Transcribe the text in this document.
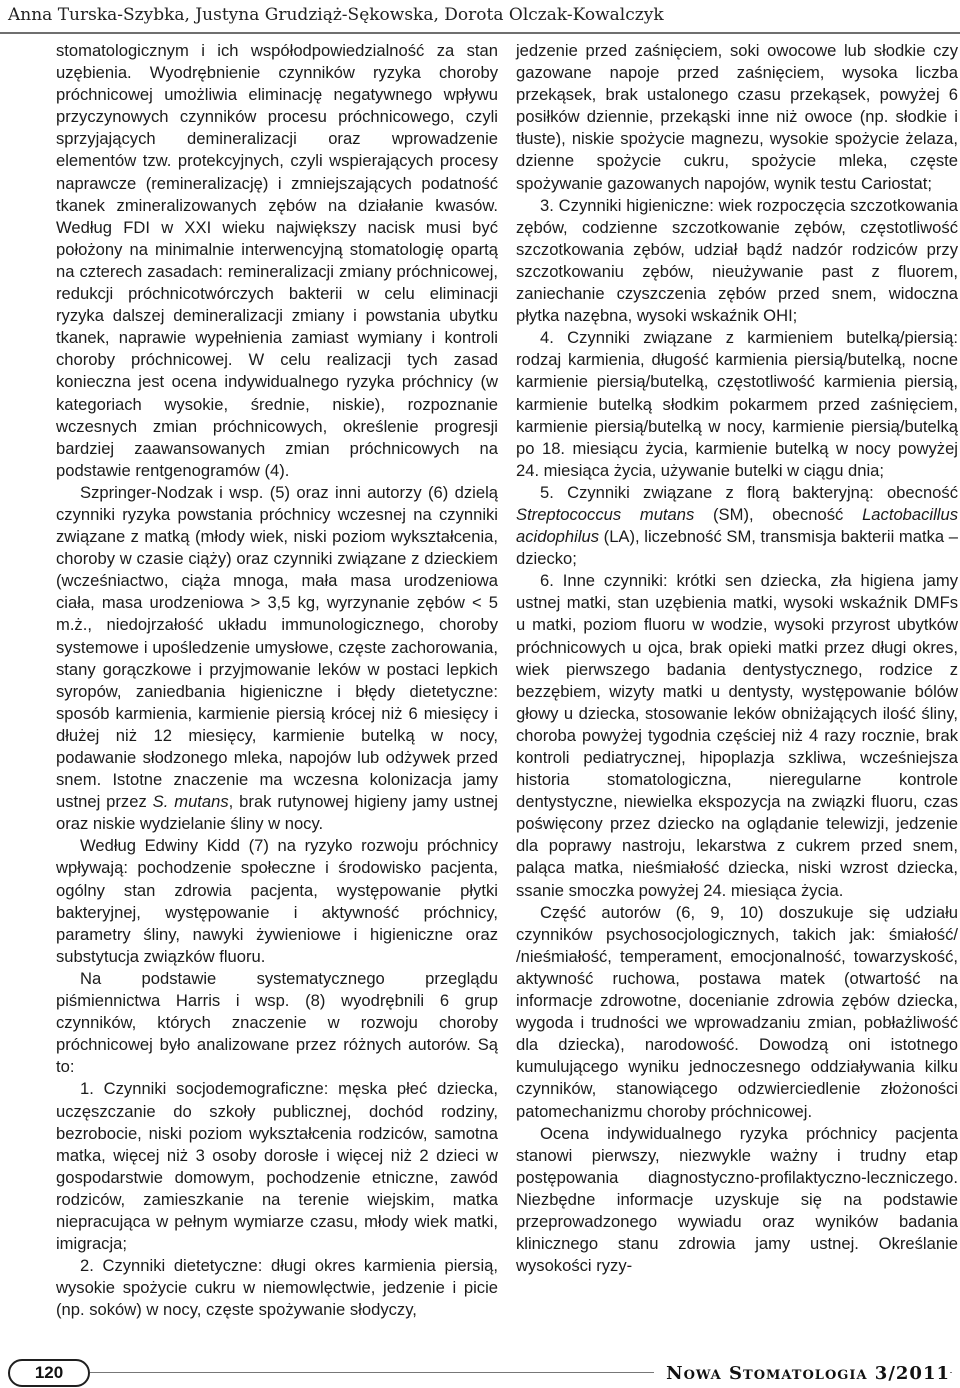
Anna Turska-Szybka, Justyna Grudziąż-Sękowska, Dorota Olczak-Kowalczyk

stomatologicznym i ich współodpowiedzialność za stan uzębienia. Wyodrębnienie czynników ryzyka choroby próchnicowej umożliwia eliminację negatywnego wpływu przyczynowych czynników procesu próchnicowego, czyli sprzyjających demineralizacji oraz wprowadzenie elementów tzw. protekcyjnych, czyli wspierających procesy naprawcze (remineralizację) i zmniejszających podatność tkanek zmineralizowanych zębów na działanie kwasów. Według FDI w XXI wieku największy nacisk musi być położony na minimalnie interwencyjną stomatologię opartą na czterech zasadach: remineralizacji zmiany próchnicowej, redukcji próchnicotwórczych bakterii w celu eliminacji ryzyka dalszej demineralizacji zmiany i powstania ubytku tkanek, naprawie wypełnienia zamiast wymiany i kontroli choroby próchnicowej. W celu realizacji tych zasad konieczna jest ocena indywidualnego ryzyka próchnicy (w kategoriach wysokie, średnie, niskie), rozpoznanie wczesnych zmian próchnicowych, określenie progresji bardziej zaawansowanych zmian próchnicowych na podstawie rentgenogramów (4).

Szpringer-Nodzak i wsp. (5) oraz inni autorzy (6) dzielą czynniki ryzyka powstania próchnicy wczesnej na czynniki związane z matką (młody wiek, niski poziom wykształcenia, choroby w czasie ciąży) oraz czynniki związane z dzieckiem (wcześniactwo, ciąża mnoga, mała masa urodzeniowa ciała, masa urodzeniowa > 3,5 kg, wyrzynanie zębów < 5 m.ż., niedojrzałość układu immunologicznego, choroby systemowe i upośledzenie umysłowe, częste zachorowania, stany gorączkowe i przyjmowanie leków w postaci lepkich syropów, zaniedbania higieniczne i błędy dietetyczne: sposób karmienia, karmienie piersią krócej niż 6 miesięcy i dłużej niż 12 miesięcy, karmienie butelką w nocy, podawanie słodzonego mleka, napojów lub odżywek przed snem. Istotne znaczenie ma wczesna kolonizacja jamy ustnej przez S. mutans, brak rutynowej higieny jamy ustnej oraz niskie wydzielanie śliny w nocy.

Według Edwiny Kidd (7) na ryzyko rozwoju próchnicy wpływają: pochodzenie społeczne i środowisko pacjenta, ogólny stan zdrowia pacjenta, występowanie płytki bakteryjnej, występowanie i aktywność próchnicy, parametry śliny, nawyki żywieniowe i higieniczne oraz substytucja związków fluoru.

Na podstawie systematycznego przeglądu piśmiennictwa Harris i wsp. (8) wyodrębnili 6 grup czynników, których znaczenie w rozwoju choroby próchnicowej było analizowane przez różnych autorów. Są to:

1. Czynniki socjodemograficzne: męska płeć dziecka, uczęszczanie do szkoły publicznej, dochód rodziny, bezrobocie, niski poziom wykształcenia rodziców, samotna matka, więcej niż 3 osoby dorosłe i więcej niż 2 dzieci w gospodarstwie domowym, pochodzenie etniczne, zawód rodziców, zamieszkanie na terenie wiejskim, matka niepracująca w pełnym wymiarze czasu, młody wiek matki, imigracja;

2. Czynniki dietetyczne: długi okres karmienia piersią, wysokie spożycie cukru w niemowlęctwie, jedzenie i picie (np. soków) w nocy, częste spożywanie słodyczy,

jedzenie przed zaśnięciem, soki owocowe lub słodkie czy gazowane napoje przed zaśnięciem, wysoka liczba przekąsek, brak ustalonego czasu przekąsek, powyżej 6 posiłków dziennie, przekąski inne niż owoce (np. słodkie i tłuste), niskie spożycie magnezu, wysokie spożycie żelaza, dzienne spożycie cukru, spożycie mleka, częste spożywanie gazowanych napojów, wynik testu Cariostat;

3. Czynniki higieniczne: wiek rozpoczęcia szczotkowania zębów, codzienne szczotkowanie zębów, częstotliwość szczotkowania zębów, udział bądź nadzór rodziców przy szczotkowaniu zębów, nieużywanie past z fluorem, zaniechanie czyszczenia zębów przed snem, widoczna płytka nazębna, wysoki wskaźnik OHI;

4. Czynniki związane z karmieniem butelką/piersią: rodzaj karmienia, długość karmienia piersią/butelką, nocne karmienie piersią/butelką, częstotliwość karmienia piersią, karmienie butelką słodkim pokarmem przed zaśnięciem, karmienie piersią/butelką w nocy, karmienie piersią/butelką po 18. miesiącu życia, karmienie butelką w nocy powyżej 24. miesiąca życia, używanie butelki w ciągu dnia;

5. Czynniki związane z florą bakteryjną: obecność Streptococcus mutans (SM), obecność Lactobacillus acidophilus (LA), liczebność SM, transmisja bakterii matka – dziecko;

6. Inne czynniki: krótki sen dziecka, zła higiena jamy ustnej matki, stan uzębienia matki, wysoki wskaźnik DMFs u matki, poziom fluoru w wodzie, wysoki przyrost ubytków próchnicowych u ojca, brak opieki matki przez długi okres, wiek pierwszego badania dentystycznego, rodzice z bezzębiem, wizyty matki u dentysty, występowanie bólów głowy u dziecka, stosowanie leków obniżających ilość śliny, choroba powyżej tygodnia częściej niż 4 razy rocznie, brak kontroli pediatrycznej, hipoplazja szkliwa, wcześniejsza historia stomatologiczna, nieregularne kontrole dentystyczne, niewielka ekspozycja na związki fluoru, czas poświęcony przez dziecko na oglądanie telewizji, jedzenie dla poprawy nastroju, lekarstwa z cukrem przed snem, paląca matka, nieśmiałość dziecka, niski wzrost dziecka, ssanie smoczka powyżej 24. miesiąca życia.

Część autorów (6, 9, 10) doszukuje się udziału czynników psychosocjologicznych, takich jak: śmiałość/ /nieśmiałość, temperament, emocjonalność, towarzyskość, aktywność ruchowa, postawa matek (otwartość na informacje zdrowotne, docenianie zdrowia zębów dziecka, wygoda i trudności we wprowadzaniu zmian, pobłażliwość dla dziecka), narodowość. Dowodzą oni istotnego kumulującego wyniku jednoczesnego oddziaływania kilku czynników, stanowiącego odzwierciedlenie złożoności patomechanizmu choroby próchnicowej.

Ocena indywidualnego ryzyka próchnicy pacjenta stanowi pierwszy, niezwykle ważny i trudny etap postępowania diagnostyczno-profilaktyczno-leczniczego. Niezbędne informacje uzyskuje się na podstawie przeprowadzonego wywiadu oraz wyników badania klinicznego stanu zdrowia jamy ustnej. Określanie wysokości ryzy-

120	Nowa Stomatologia 3/2011
